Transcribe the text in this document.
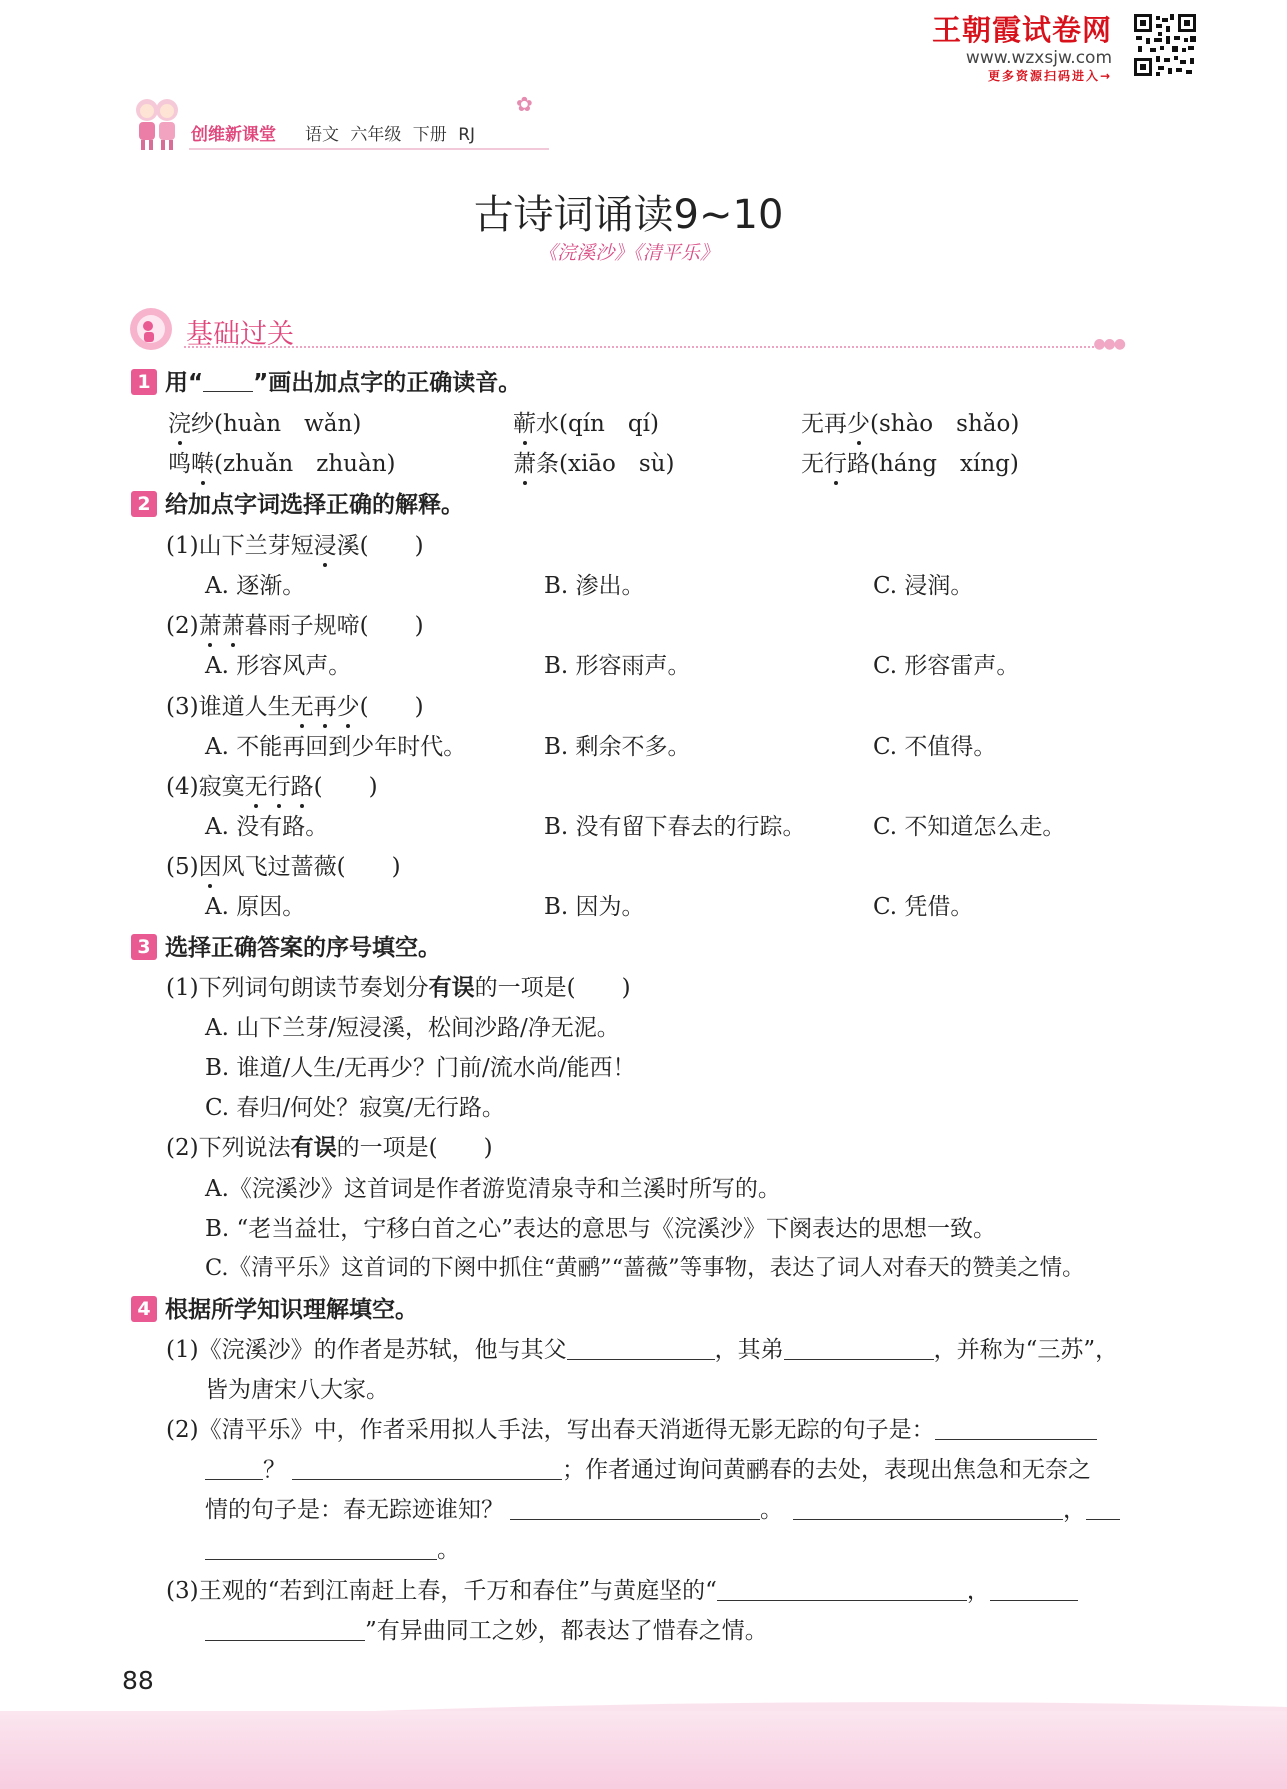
王朝霞试卷网
www.wzxsjw.com
更多资源扫码进入→
创维新课堂 语文 六年级 下册 RJ
✿
古诗词诵读9~10
《浣溪沙》《清平乐》
基础过关	●●●
1 用“ ”画出加点字的正确读音。
浣纱(huàn　wǎn)	蕲水(qín　qí)	无再少(shào　shǎo)
鸣啭(zhuǎn　zhuàn)	萧条(xiāo　sù)	无行路(háng　xíng)
2 给加点字词选择正确的解释。
(1)山下兰芽短浸溪(　　)
A. 逐渐。	B. 渗出。	C. 浸润。
(2)萧萧暮雨子规啼(　　)
A. 形容风声。	B. 形容雨声。	C. 形容雷声。
(3)谁道人生无再少(　　)
A. 不能再回到少年时代。	B. 剩余不多。	C. 不值得。
(4)寂寞无行路(　　)
A. 没有路。	B. 没有留下春去的行踪。	C. 不知道怎么走。
(5)因风飞过蔷薇(　　)
A. 原因。	B. 因为。	C. 凭借。
3 选择正确答案的序号填空。
(1)下列词句朗读节奏划分有误的一项是(　　)
A. 山下兰芽/短浸溪，松间沙路/净无泥。
B. 谁道/人生/无再少？门前/流水尚/能西！
C. 春归/何处？寂寞/无行路。
(2)下列说法有误的一项是(　　)
A.《浣溪沙》这首词是作者游览清泉寺和兰溪时所写的。
B. “老当益壮，宁移白首之心”表达的意思与《浣溪沙》下阕表达的思想一致。
C.《清平乐》这首词的下阕中抓住“黄鹂”“蔷薇”等事物，表达了词人对春天的赞美之情。
4 根据所学知识理解填空。
(1)《浣溪沙》的作者是苏轼，他与其父	，其弟	，并称为“三苏”，
皆为唐宋八大家。
(2)《清平乐》中，作者采用拟人手法，写出春天消逝得无影无踪的句子是：
？	；作者通过询问黄鹂春的去处，表现出焦急和无奈之
情的句子是：春无踪迹谁知？	。	，
。
(3)王观的“若到江南赶上春，千万和春住”与黄庭坚的“	，
”有异曲同工之妙，都表达了惜春之情。
88
